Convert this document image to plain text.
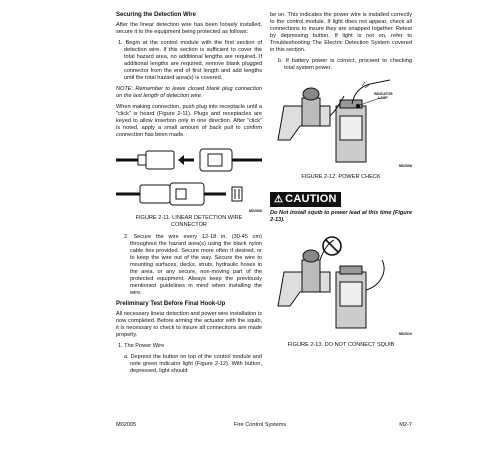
Securing the Detection Wire

After the linear detection wire has been loosely installed, secure it to the equipment being protected as follows:

1. Begin at the control module with the first section of detection wire. If this section is sufficient to cover the total hazard area, no additional lengths are required. If additional lengths are required, remove blank plugged connector from the end of first length and add lengths until the total hazard area(s) is covered.

NOTE: Remember to leave closed blank plug connection on the last length of detection wire.

When making connection, push plug into receptacle until a "click" is heard (Figure 2-11). Plugs and receptacles are keyed to allow insertion only in one direction. After "click" is noted, apply a small amount of back pull to confirm connection has been made.

M02006
FIGURE 2-11. LINEAR DETECTION WIRE
CONNECTOR

2. Secure the wire every 12-18 in. (30-45 cm) throughout the hazard area(s) using the black nylon cable ties provided. Secure more often if desired, or to keep the wire out of the way. Secure the wire to mounting surfaces, decks, struts, hydraulic hoses in the area, or any secure, non-moving part of the protected equipment. Always keep the previously mentioned guidelines in mind when installing the wire.

Preliminary Test Before Final Hook-Up

All necessary linear detection and power wire installation is now completed. Before arming the actuator with the squib, it is necessary to check to insure all connections are made properly.

1. The Power Wire

a. Depress the button on top of the control module and note green indicator light (Figure 2-12). With button, depressed, light should

be on. This indicates the power wire is installed correctly to the control module. If light does not appear, check all connections to insure they are snapped together. Retest by depressing button. If light is not on, refer to Troubleshooting The Electric Detection System covered in this section.

b. If battery power is correct, proceed to checking total system power.

INDICATOR
LAMP
M02008
FIGURE 2-12. POWER CHECK
⚠ CAUTION

Do Not install squib to power lead at this time (Figure 2-13).

M02010
FIGURE 2-13. DO NOT CONNECT SQUIB
M02005	Fire Control Systems	M2-7
